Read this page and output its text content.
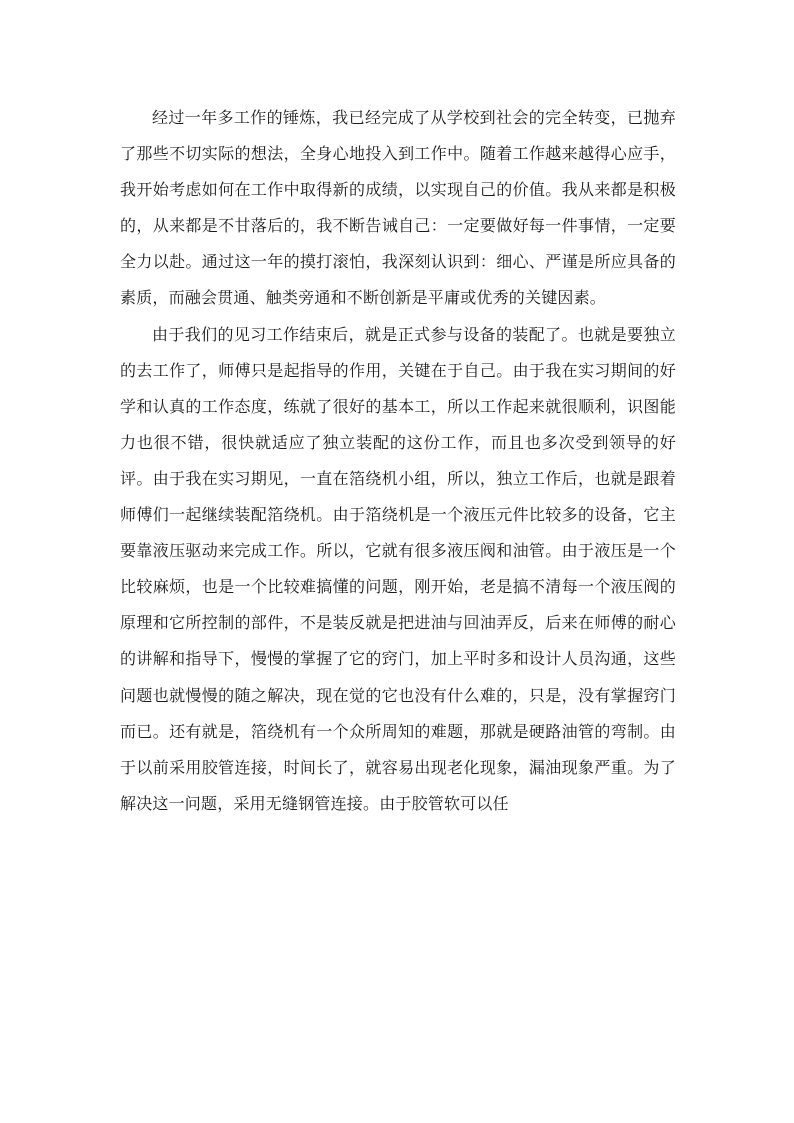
经过一年多工作的锤炼，我已经完成了从学校到社会的完全转变，已抛弃了那些不切实际的想法，全身心地投入到工作中。随着工作越来越得心应手，我开始考虑如何在工作中取得新的成绩，以实现自己的价值。我从来都是积极的，从来都是不甘落后的，我不断告诫自己：一定要做好每一件事情，一定要全力以赴。通过这一年的摸打滚怕，我深刻认识到：细心、严谨是所应具备的素质，而融会贯通、触类旁通和不断创新是平庸或优秀的关键因素。

由于我们的见习工作结束后，就是正式参与设备的装配了。也就是要独立的去工作了，师傅只是起指导的作用，关键在于自己。由于我在实习期间的好学和认真的工作态度，练就了很好的基本工，所以工作起来就很顺利，识图能力也很不错，很快就适应了独立装配的这份工作，而且也多次受到领导的好评。由于我在实习期见，一直在箔绕机小组，所以，独立工作后，也就是跟着师傅们一起继续装配箔绕机。由于箔绕机是一个液压元件比较多的设备，它主要靠液压驱动来完成工作。所以，它就有很多液压阀和油管。由于液压是一个比较麻烦，也是一个比较难搞懂的问题，刚开始，老是搞不清每一个液压阀的原理和它所控制的部件，不是装反就是把进油与回油弄反，后来在师傅的耐心的讲解和指导下，慢慢的掌握了它的窍门，加上平时多和设计人员沟通，这些问题也就慢慢的随之解决，现在觉的它也没有什么难的，只是，没有掌握窍门而已。还有就是，箔绕机有一个众所周知的难题，那就是硬路油管的弯制。由于以前采用胶管连接，时间长了，就容易出现老化现象，漏油现象严重。为了解决这一问题，采用无缝钢管连接。由于胶管软可以任
